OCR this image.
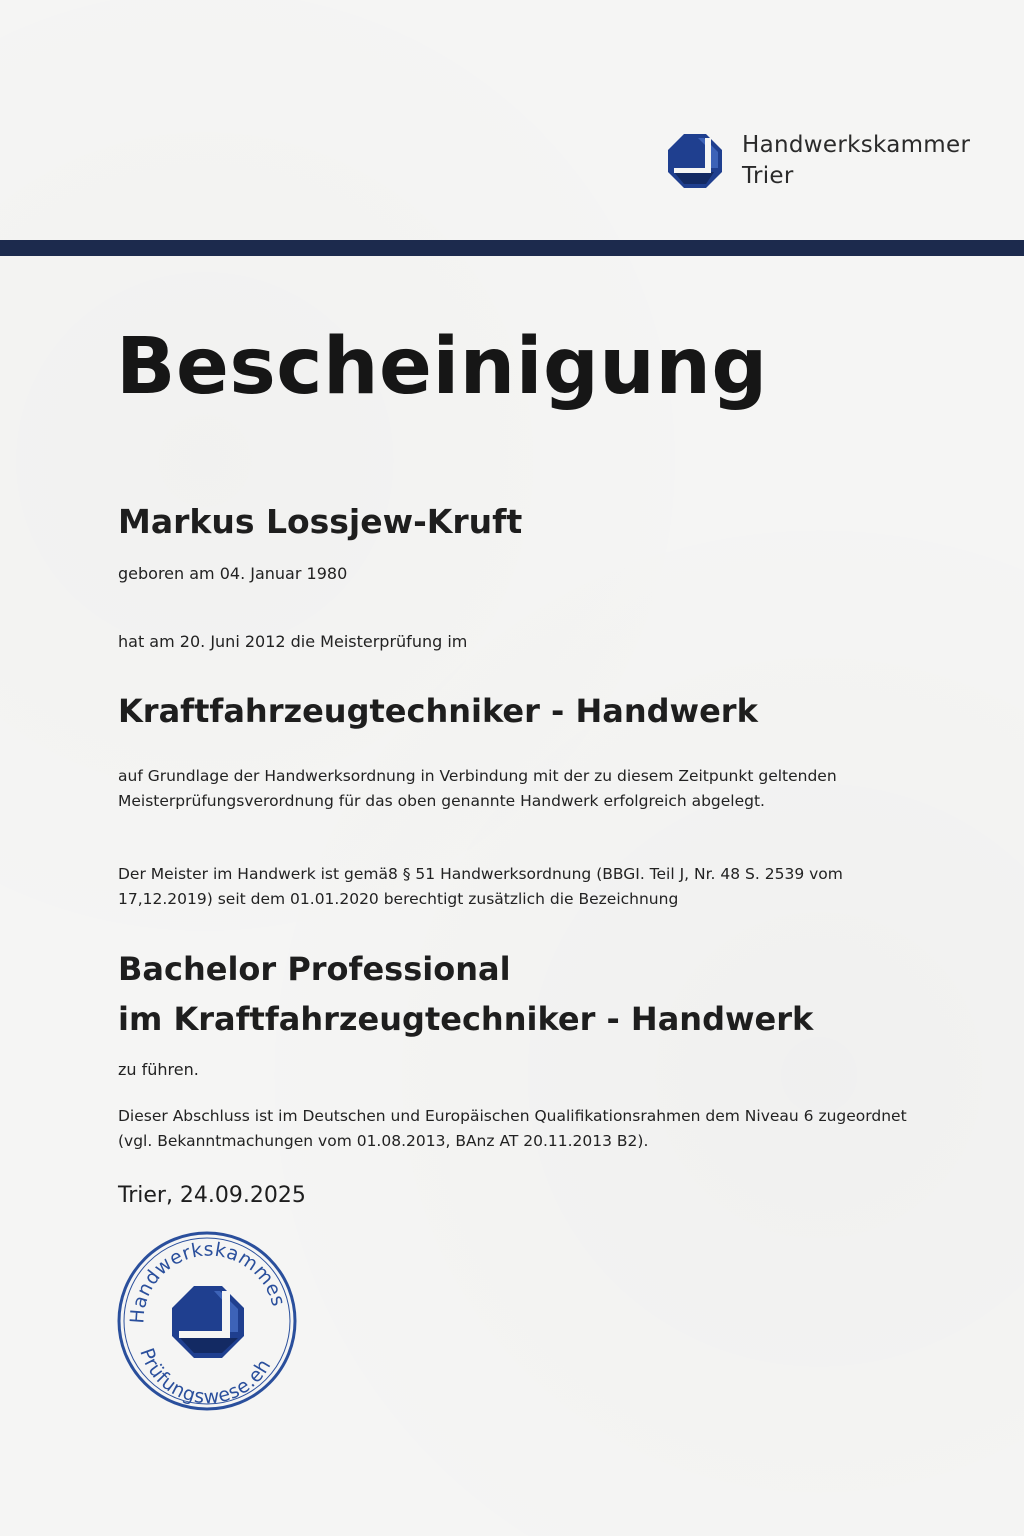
Handwerkskammer
Trier
Bescheinigung
Markus Lossjew-Kruft
geboren am 04. Januar 1980
hat am 20. Juni 2012 die Meisterprüfung im
Kraftfahrzeugtechniker - Handwerk
auf Grundlage der Handwerksordnung in Verbindung mit der zu diesem Zeitpunkt geltenden
Meisterprüfungsverordnung für das oben genannte Handwerk erfolgreich abgelegt.
Der Meister im Handwerk ist gemä8 § 51 Handwerksordnung (BBGI. Teil J, Nr. 48 S. 2539 vom
17,12.2019) seit dem 01.01.2020 berechtigt zusätzlich die Bezeichnung
Bachelor Professional
im Kraftfahrzeugtechniker - Handwerk
zu führen.
Dieser Abschluss ist im Deutschen und Europäischen Qualifikationsrahmen dem Niveau 6 zugeordnet
(vgl. Bekanntmachungen vom 01.08.2013, BAnz AT 20.11.2013 B2).
Trier, 24.09.2025
Handwerkskammes
Prüfungswese.eh
